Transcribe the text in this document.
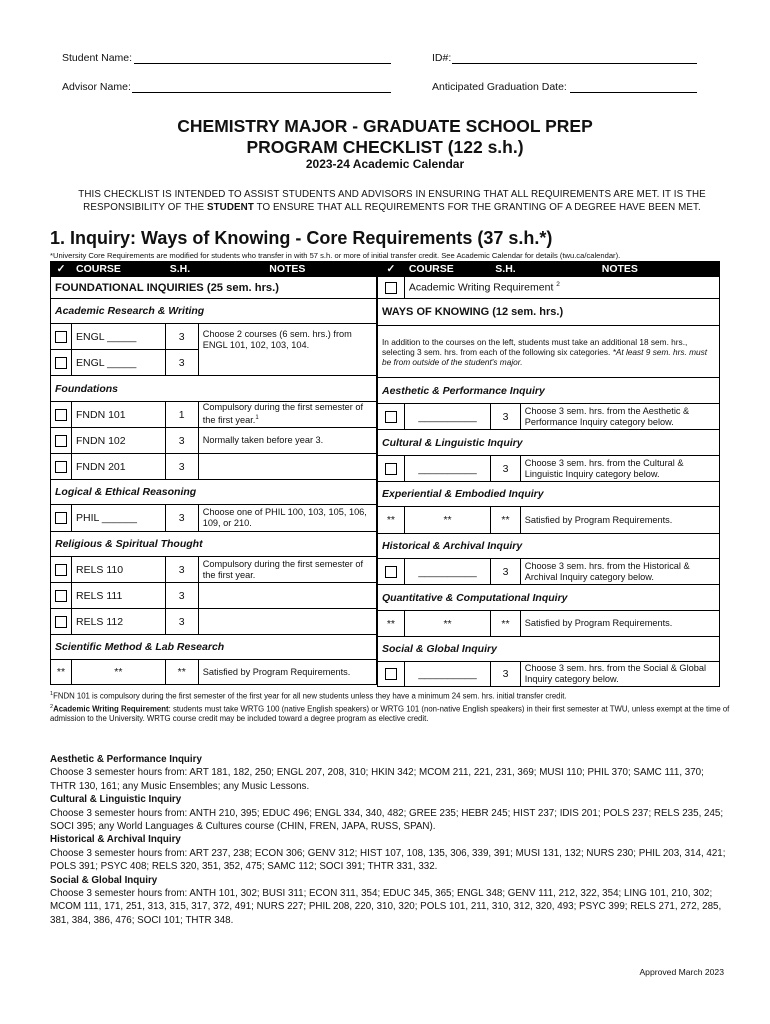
Student Name:	ID#:
Advisor Name:	Anticipated Graduation Date:
CHEMISTRY MAJOR - GRADUATE SCHOOL PREP
PROGRAM CHECKLIST (122 s.h.)
2023-24 Academic Calendar
THIS CHECKLIST IS INTENDED TO ASSIST STUDENTS AND ADVISORS IN ENSURING THAT ALL REQUIREMENTS ARE MET. IT IS THE RESPONSIBILITY OF THE STUDENT TO ENSURE THAT ALL REQUIREMENTS FOR THE GRANTING OF A DEGREE HAVE BEEN MET.
1. Inquiry: Ways of Knowing - Core Requirements (37 s.h.*)
*University Core Requirements are modified for students who transfer in with 57 s.h. or more of initial transfer credit. See Academic Calendar for details (twu.ca/calendar).
✓	COURSE	S.H.	NOTES
FOUNDATIONAL INQUIRIES (25 sem. hrs.)			
Academic Research & Writing			
	ENGL _____	3	Choose 2 courses (6 sem. hrs.) from ENGL 101, 102, 103, 104.
	ENGL _____	3	
Foundations			
	FNDN 101	1	Compulsory during the first semester of the first year.$^1$
	FNDN 102	3	Normally taken before year 3.
	FNDN 201	3	
Logical & Ethical Reasoning			
	PHIL ______	3	Choose one of PHIL 100, 103, 105, 106, 109, or 210.
Religious & Spiritual Thought			
	RELS 110	3	Compulsory during the first semester of the first year.
	RELS 111	3	
	RELS 112	3	
Scientific Method & Lab Research			
**	**	**	Satisfied by Program Requirements.
✓	COURSE	S.H.	NOTES
	Academic Writing Requirement $^2$
WAYS OF KNOWING (12 sem. hrs.)			
In addition to the courses on the left, students must take an additional 18 sem. hrs., selecting 3 sem. hrs. from each of the following six categories. *At least 9 sem. hrs. must be from outside of the student's major.			
Aesthetic & Performance Inquiry			
	__________	3	Choose 3 sem. hrs. from the Aesthetic & Performance Inquiry category below.
Cultural & Linguistic Inquiry			
	__________	3	Choose 3 sem. hrs. from the Cultural & Linguistic Inquiry category below.
Experiential & Embodied Inquiry			
**	**	**	Satisfied by Program Requirements.
Historical & Archival Inquiry			
	__________	3	Choose 3 sem. hrs. from the Historical & Archival Inquiry category below.
Quantitative & Computational Inquiry			
**	**	**	Satisfied by Program Requirements.
Social & Global Inquiry			
	__________	3	Choose 3 sem. hrs. from the Social & Global Inquiry category below.
$^1$FNDN 101 is compulsory during the first semester of the first year for all new students unless they have a minimum 24 sem. hrs. initial transfer credit.
$^2$Academic Writing Requirement: students must take WRTG 100 (native English speakers) or WRTG 101 (non-native English speakers) in their first semester at TWU, unless exempt at the time of admission to the University. WRTG course credit may be included toward a degree program as elective credit.
Aesthetic & Performance Inquiry
Choose 3 semester hours from: ART 181, 182, 250; ENGL 207, 208, 310; HKIN 342; MCOM 211, 221, 231, 369; MUSI 110; PHIL 370; SAMC 111, 370; THTR 130, 161; any Music Ensembles; any Music Lessons.
Cultural & Linguistic Inquiry
Choose 3 semester hours from: ANTH 210, 395; EDUC 496; ENGL 334, 340, 482; GREE 235; HEBR 245; HIST 237; IDIS 201; POLS 237; RELS 235, 245; SOCI 395; any World Languages & Cultures course (CHIN, FREN, JAPA, RUSS, SPAN).
Historical & Archival Inquiry
Choose 3 semester hours from: ART 237, 238; ECON 306; GENV 312; HIST 107, 108, 135, 306, 339, 391; MUSI 131, 132; NURS 230; PHIL 203, 314, 421; POLS 391; PSYC 408; RELS 320, 351, 352, 475; SAMC 112; SOCI 391; THTR 331, 332.
Social & Global Inquiry
Choose 3 semester hours from: ANTH 101, 302; BUSI 311; ECON 311, 354; EDUC 345, 365; ENGL 348; GENV 111, 212, 322, 354; LING 101, 210, 302; MCOM 111, 171, 251, 313, 315, 317, 372, 491; NURS 227; PHIL 208, 220, 310, 320; POLS 101, 211, 310, 312, 320, 493; PSYC 399; RELS 271, 272, 285, 381, 384, 386, 476; SOCI 101; THTR 348.
Approved March 2023
